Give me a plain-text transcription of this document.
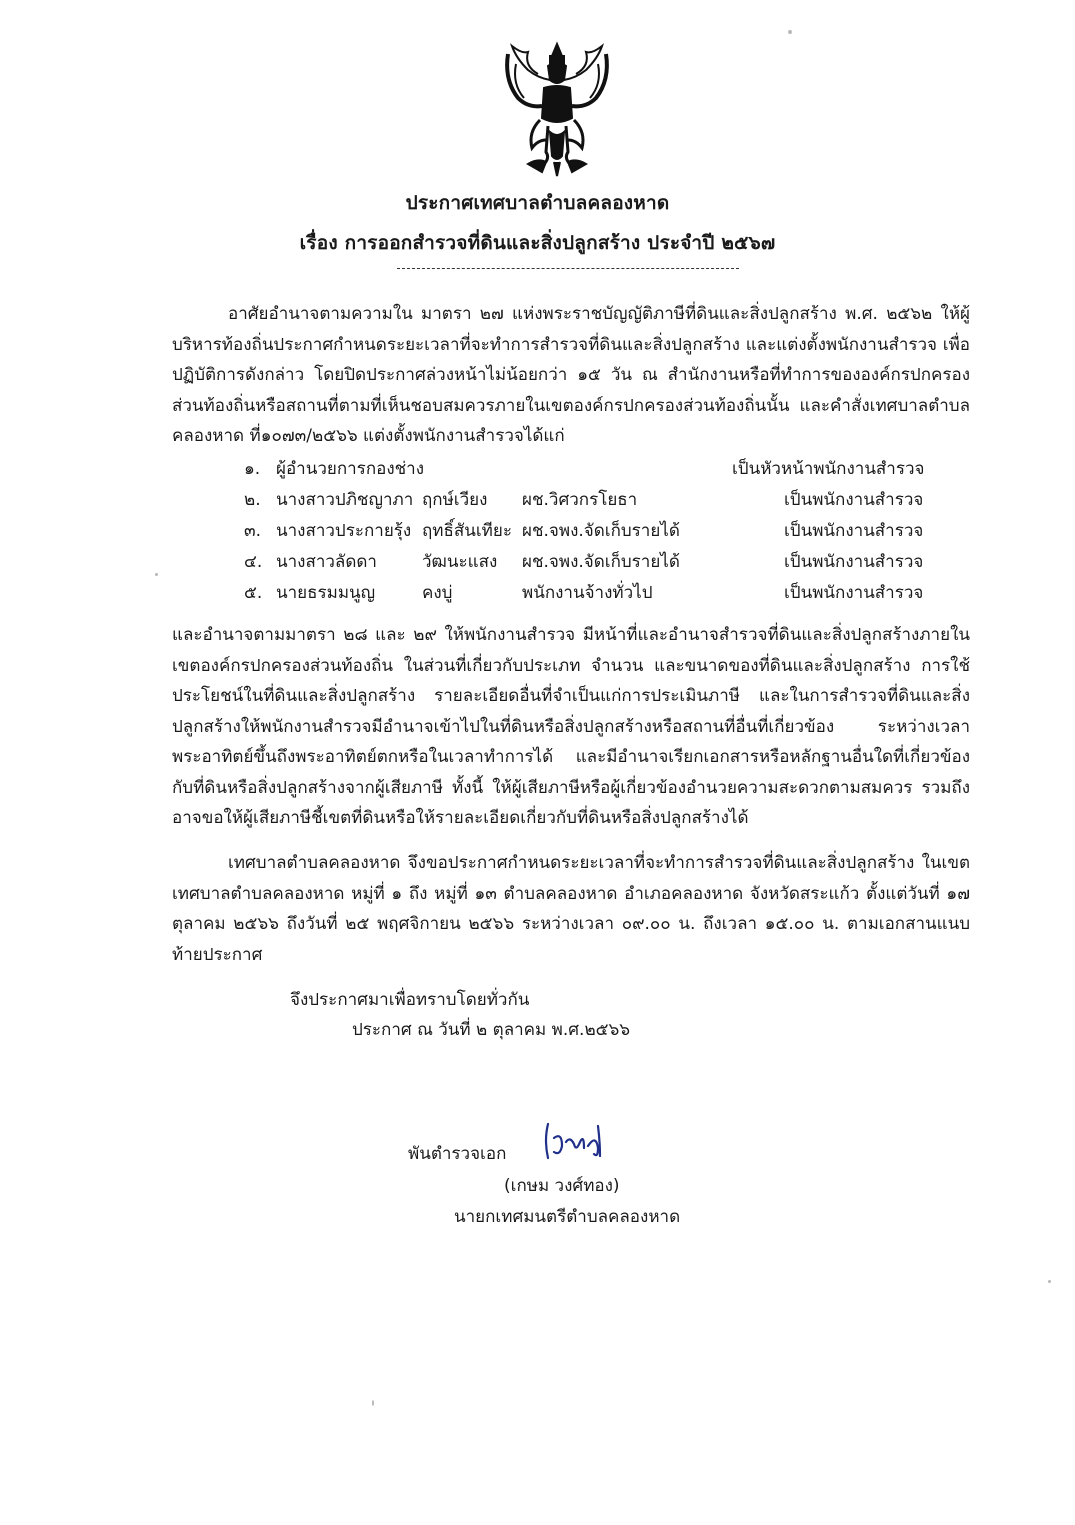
ประกาศเทศบาลตำบลคลองหาด
เรื่อง การออกสำรวจที่ดินและสิ่งปลูกสร้าง ประจำปี ๒๕๖๗

อาศัยอำนาจตามความใน มาตรา ๒๗ แห่งพระราชบัญญัติภาษีที่ดินและสิ่งปลูกสร้าง พ.ศ. ๒๕๖๒ ให้ผู้บริหารท้องถิ่นประกาศกำหนดระยะเวลาที่จะทำการสำรวจที่ดินและสิ่งปลูกสร้าง และแต่งตั้งพนักงานสำรวจ เพื่อปฏิบัติการดังกล่าว โดยปิดประกาศล่วงหน้าไม่น้อยกว่า ๑๕ วัน ณ สำนักงานหรือที่ทำการขององค์กรปกครองส่วนท้องถิ่นหรือสถานที่ตามที่เห็นชอบสมควรภายในเขตองค์กรปกครองส่วนท้องถิ่นนั้น และคำสั่งเทศบาลตำบลคลองหาด ที่๑๐๗๓/๒๕๖๖ แต่งตั้งพนักงานสำรวจได้แก่

๑. ผู้อำนวยการกองช่าง	เป็นหัวหน้าพนักงานสำรวจ
๒. นางสาวปภิชญาภา ฤกษ์เวียง ผช.วิศวกรโยธา	เป็นพนักงานสำรวจ
๓. นางสาวประกายรุ้ง ฤทธิ์สันเทียะ ผช.จพง.จัดเก็บรายได้	เป็นพนักงานสำรวจ
๔. นางสาวลัดดา	วัฒนะแสง ผช.จพง.จัดเก็บรายได้	เป็นพนักงานสำรวจ
๕. นายธรมมนูญ	คงบู่	พนักงานจ้างทั่วไป	เป็นพนักงานสำรวจ

และอำนาจตามมาตรา ๒๘ และ ๒๙ ให้พนักงานสำรวจ มีหน้าที่และอำนาจสำรวจที่ดินและสิ่งปลูกสร้างภายในเขตองค์กรปกครองส่วนท้องถิ่น ในส่วนที่เกี่ยวกับประเภท จำนวน และขนาดของที่ดินและสิ่งปลูกสร้าง การใช้ประโยชน์ในที่ดินและสิ่งปลูกสร้าง รายละเอียดอื่นที่จำเป็นแก่การประเมินภาษี และในการสำรวจที่ดินและสิ่งปลูกสร้างให้พนักงานสำรวจมีอำนาจเข้าไปในที่ดินหรือสิ่งปลูกสร้างหรือสถานที่อื่นที่เกี่ยวข้อง ระหว่างเวลาพระอาทิตย์ขึ้นถึงพระอาทิตย์ตกหรือในเวลาทำการได้ และมีอำนาจเรียกเอกสารหรือหลักฐานอื่นใดที่เกี่ยวข้องกับที่ดินหรือสิ่งปลูกสร้างจากผู้เสียภาษี ทั้งนี้ ให้ผู้เสียภาษีหรือผู้เกี่ยวข้องอำนวยความสะดวกตามสมควร รวมถึงอาจขอให้ผู้เสียภาษีชี้เขตที่ดินหรือให้รายละเอียดเกี่ยวกับที่ดินหรือสิ่งปลูกสร้างได้

เทศบาลตำบลคลองหาด จึงขอประกาศกำหนดระยะเวลาที่จะทำการสำรวจที่ดินและสิ่งปลูกสร้าง ในเขตเทศบาลตำบลคลองหาด หมู่ที่ ๑ ถึง หมู่ที่ ๑๓ ตำบลคลองหาด อำเภอคลองหาด จังหวัดสระแก้ว ตั้งแต่วันที่ ๑๗ ตุลาคม ๒๕๖๖ ถึงวันที่ ๒๕ พฤศจิกายน ๒๕๖๖ ระหว่างเวลา ๐๙.๐๐ น. ถึงเวลา ๑๕.๐๐ น. ตามเอกสานแนบท้ายประกาศ

จึงประกาศมาเพื่อทราบโดยทั่วกัน
ประกาศ ณ วันที่ ๒ ตุลาคม พ.ศ.๒๕๖๖
พันตำรวจเอก
(เกษม วงศ์ทอง)
นายกเทศมนตรีตำบลคลองหาด
